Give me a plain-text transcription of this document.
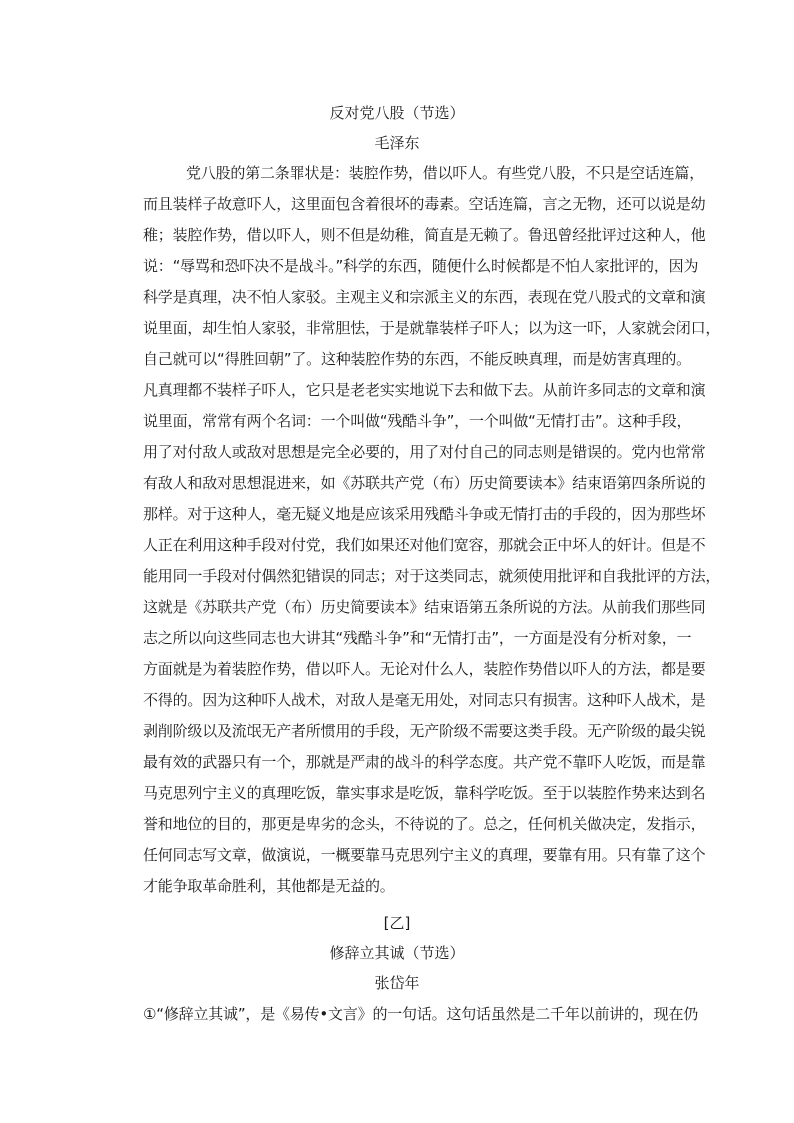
反对党八股（节选）
毛泽东
党八股的第二条罪状是：装腔作势，借以吓人。有些党八股，不只是空话连篇，
而且装样子故意吓人，这里面包含着很坏的毒素。空话连篇，言之无物，还可以说是幼
稚；装腔作势，借以吓人，则不但是幼稚，简直是无赖了。鲁迅曾经批评过这种人，他
说：“辱骂和恐吓决不是战斗。”科学的东西，随便什么时候都是不怕人家批评的，因为
科学是真理，决不怕人家驳。主观主义和宗派主义的东西，表现在党八股式的文章和演
说里面，却生怕人家驳，非常胆怯，于是就靠装样子吓人；以为这一吓，人家就会闭口，
自己就可以“得胜回朝”了。这种装腔作势的东西，不能反映真理，而是妨害真理的。
凡真理都不装样子吓人，它只是老老实实地说下去和做下去。从前许多同志的文章和演
说里面，常常有两个名词：一个叫做“残酷斗争”，一个叫做“无情打击”。这种手段，
用了对付敌人或敌对思想是完全必要的，用了对付自己的同志则是错误的。党内也常常
有敌人和敌对思想混进来，如《苏联共产党（布）历史简要读本》结束语第四条所说的
那样。对于这种人，毫无疑义地是应该采用残酷斗争或无情打击的手段的，因为那些坏
人正在利用这种手段对付党，我们如果还对他们宽容，那就会正中坏人的奸计。但是不
能用同一手段对付偶然犯错误的同志；对于这类同志，就须使用批评和自我批评的方法，
这就是《苏联共产党（布）历史简要读本》结束语第五条所说的方法。从前我们那些同
志之所以向这些同志也大讲其“残酷斗争”和“无情打击”，一方面是没有分析对象，一
方面就是为着装腔作势，借以吓人。无论对什么人，装腔作势借以吓人的方法，都是要
不得的。因为这种吓人战术，对敌人是毫无用处，对同志只有损害。这种吓人战术，是
剥削阶级以及流氓无产者所惯用的手段，无产阶级不需要这类手段。无产阶级的最尖锐
最有效的武器只有一个，那就是严肃的战斗的科学态度。共产党不靠吓人吃饭，而是靠
马克思列宁主义的真理吃饭，靠实事求是吃饭，靠科学吃饭。至于以装腔作势来达到名
誉和地位的目的，那更是卑劣的念头，不待说的了。总之，任何机关做决定，发指示，
任何同志写文章，做演说，一概要靠马克思列宁主义的真理，要靠有用。只有靠了这个
才能争取革命胜利，其他都是无益的。
[乙]
修辞立其诚（节选）
张岱年
①“修辞立其诚”，是《易传•文言》的一句话。这句话虽然是二千年以前讲的，现在仍
